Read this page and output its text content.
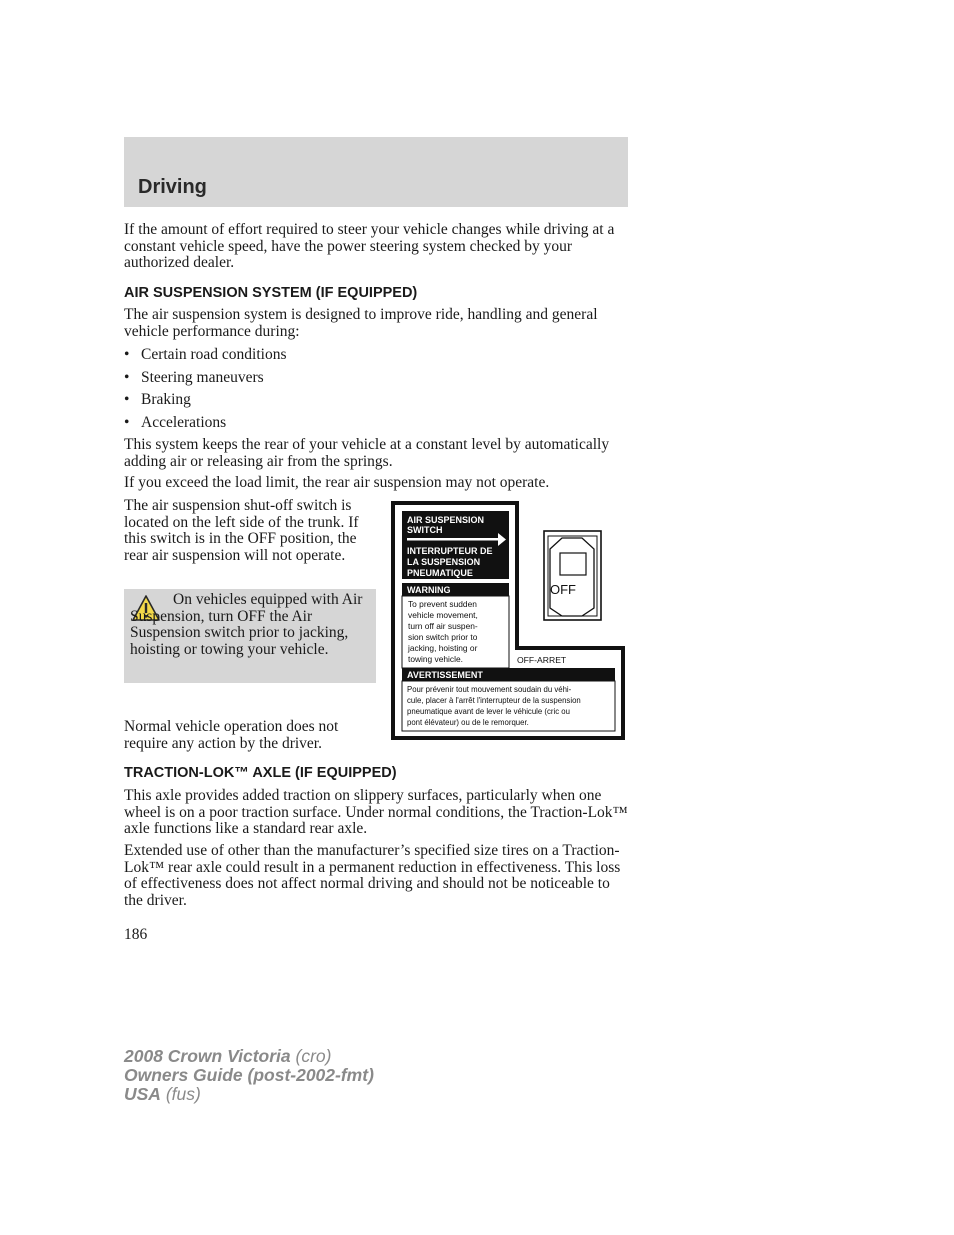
Driving

If the amount of effort required to steer your vehicle changes while driving at a constant vehicle speed, have the power steering system checked by your authorized dealer.

AIR SUSPENSION SYSTEM (IF EQUIPPED)

The air suspension system is designed to improve ride, handling and general vehicle performance during:

• Certain road conditions
• Steering maneuvers
• Braking
• Accelerations

This system keeps the rear of your vehicle at a constant level by automatically adding air or releasing air from the springs.

If you exceed the load limit, the rear air suspension may not operate.

The air suspension shut-off switch is located on the left side of the trunk. If this switch is in the OFF position, the rear air suspension will not operate.

On vehicles equipped with Air Suspension, turn OFF the Air Suspension switch prior to jacking, hoisting or towing your vehicle.

Normal vehicle operation does not require any action by the driver.

AIR SUSPENSION
SWITCH
INTERRUPTEUR DE
LA SUSPENSION
PNEUMATIQUE
WARNING
To prevent sudden
vehicle movement,
turn off air suspen-
sion switch prior to
jacking, hoisting or
towing vehicle.
OFF
OFF-ARRET
AVERTISSEMENT
Pour prévenir tout mouvement soudain du véhi-
cule, placer à l'arrêt l'interrupteur de la suspension
pneumatique avant de lever le véhicule (cric ou
pont élévateur) ou de le remorquer.
TRACTION-LOK™ AXLE (IF EQUIPPED)

This axle provides added traction on slippery surfaces, particularly when one wheel is on a poor traction surface. Under normal conditions, the Traction-Lok™ axle functions like a standard rear axle.

Extended use of other than the manufacturer’s specified size tires on a Traction-Lok™ rear axle could result in a permanent reduction in effectiveness. This loss of effectiveness does not affect normal driving and should not be noticeable to the driver.

186
2008 Crown Victoria (cro)
Owners Guide (post-2002-fmt)
USA (fus)
